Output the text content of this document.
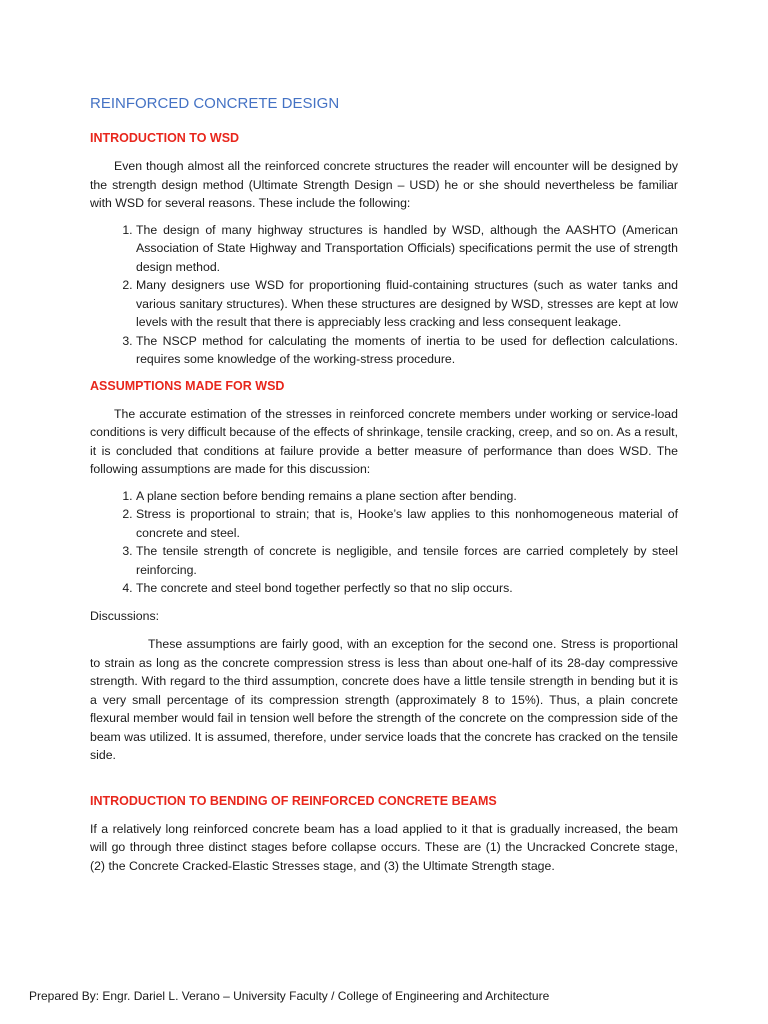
REINFORCED CONCRETE DESIGN
INTRODUCTION TO WSD

Even though almost all the reinforced concrete structures the reader will encounter will be designed by the strength design method (Ultimate Strength Design – USD) he or she should nevertheless be familiar with WSD for several reasons. These include the following:

1. The design of many highway structures is handled by WSD, although the AASHTO (American Association of State Highway and Transportation Officials) specifications permit the use of strength design method.
2. Many designers use WSD for proportioning fluid-containing structures (such as water tanks and various sanitary structures). When these structures are designed by WSD, stresses are kept at low levels with the result that there is appreciably less cracking and less consequent leakage.
3. The NSCP method for calculating the moments of inertia to be used for deflection calculations. requires some knowledge of the working-stress procedure.
ASSUMPTIONS MADE FOR WSD

The accurate estimation of the stresses in reinforced concrete members under working or service-load conditions is very difficult because of the effects of shrinkage, tensile cracking, creep, and so on. As a result, it is concluded that conditions at failure provide a better measure of performance than does WSD. The following assumptions are made for this discussion:

1. A plane section before bending remains a plane section after bending.
2. Stress is proportional to strain; that is, Hooke’s law applies to this nonhomogeneous material of concrete and steel.
3. The tensile strength of concrete is negligible, and tensile forces are carried completely by steel reinforcing.
4. The concrete and steel bond together perfectly so that no slip occurs.

Discussions:

These assumptions are fairly good, with an exception for the second one. Stress is proportional to strain as long as the concrete compression stress is less than about one-half of its 28-day compressive strength. With regard to the third assumption, concrete does have a little tensile strength in bending but it is a very small percentage of its compression strength (approximately 8 to 15%). Thus, a plain concrete flexural member would fail in tension well before the strength of the concrete on the compression side of the beam was utilized. It is assumed, therefore, under service loads that the concrete has cracked on the tensile side.

INTRODUCTION TO BENDING OF REINFORCED CONCRETE BEAMS

If a relatively long reinforced concrete beam has a load applied to it that is gradually increased, the beam will go through three distinct stages before collapse occurs. These are (1) the Uncracked Concrete stage, (2) the Concrete Cracked-Elastic Stresses stage, and (3) the Ultimate Strength stage.

Prepared By: Engr. Dariel L. Verano – University Faculty / College of Engineering and Architecture
